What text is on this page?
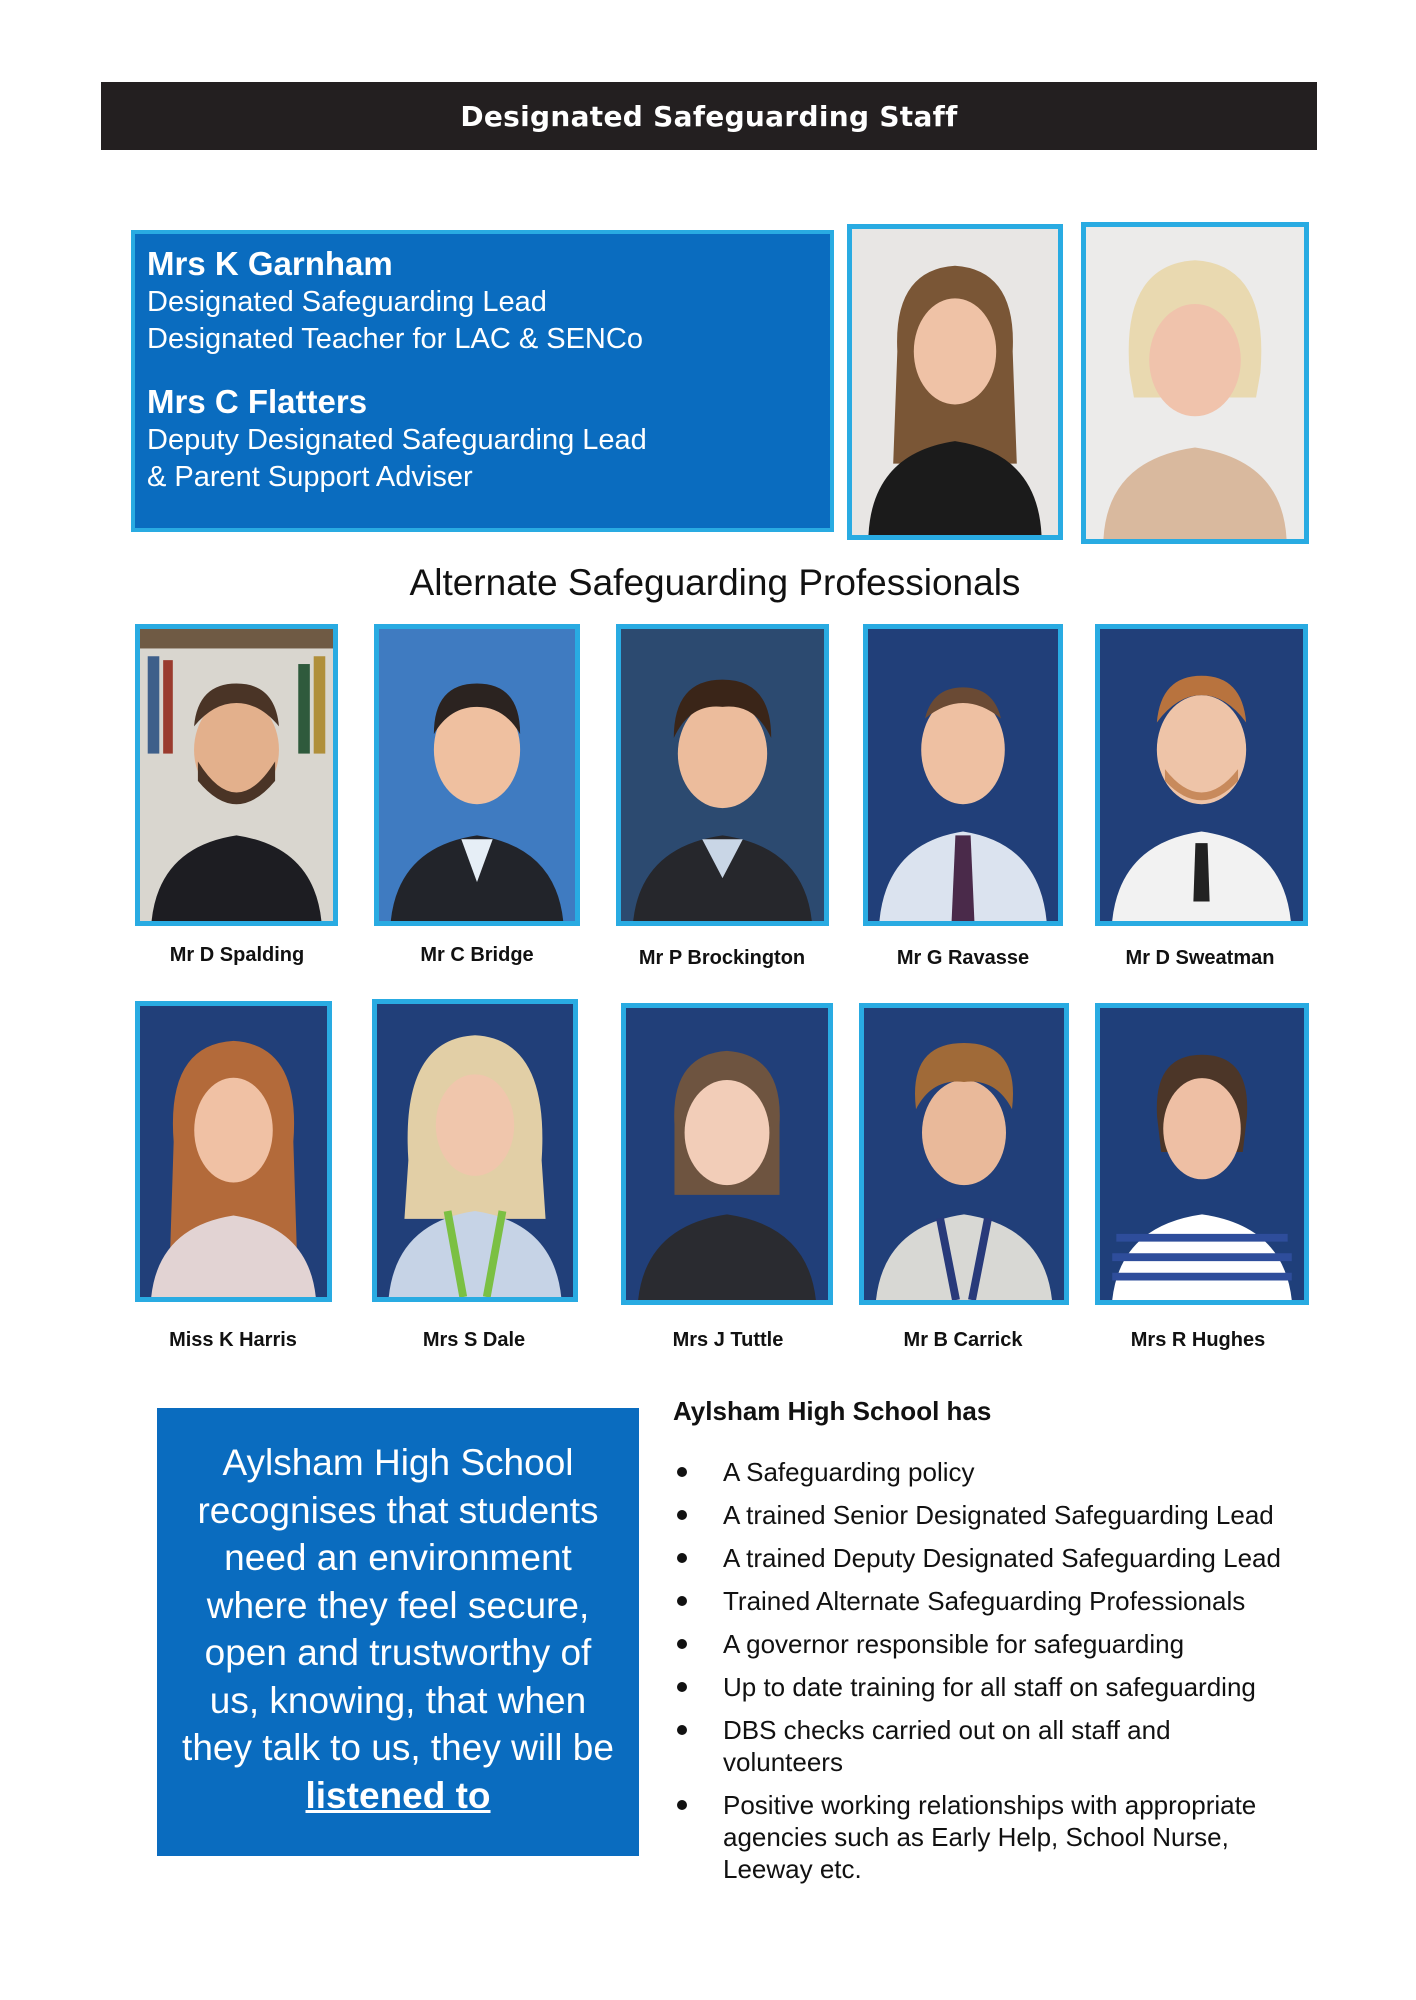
Designated Safeguarding Staff
Mrs K Garnham
Designated Safeguarding Lead
Designated Teacher for LAC & SENCo
Mrs C Flatters
Deputy Designated Safeguarding Lead
& Parent Support Adviser
Alternate Safeguarding Professionals
Mr D Spalding	Mr C Bridge	Mr P Brockington	Mr G Ravasse	Mr D Sweatman
Miss K Harris	Mrs S Dale	Mrs J Tuttle	Mr B Carrick	Mrs R Hughes
Aylsham High School
recognises that students
need an environment
where they feel secure,
open and trustworthy of
us, knowing, that when
they talk to us, they will be
listened to
Aylsham High School has
A Safeguarding policy
A trained Senior Designated Safeguarding Lead
A trained Deputy Designated Safeguarding Lead
Trained Alternate Safeguarding Professionals
A governor responsible for safeguarding
Up to date training for all staff on safeguarding
DBS checks carried out on all staff and volunteers
Positive working relationships with appropriate agencies such as Early Help, School Nurse, Leeway etc.
